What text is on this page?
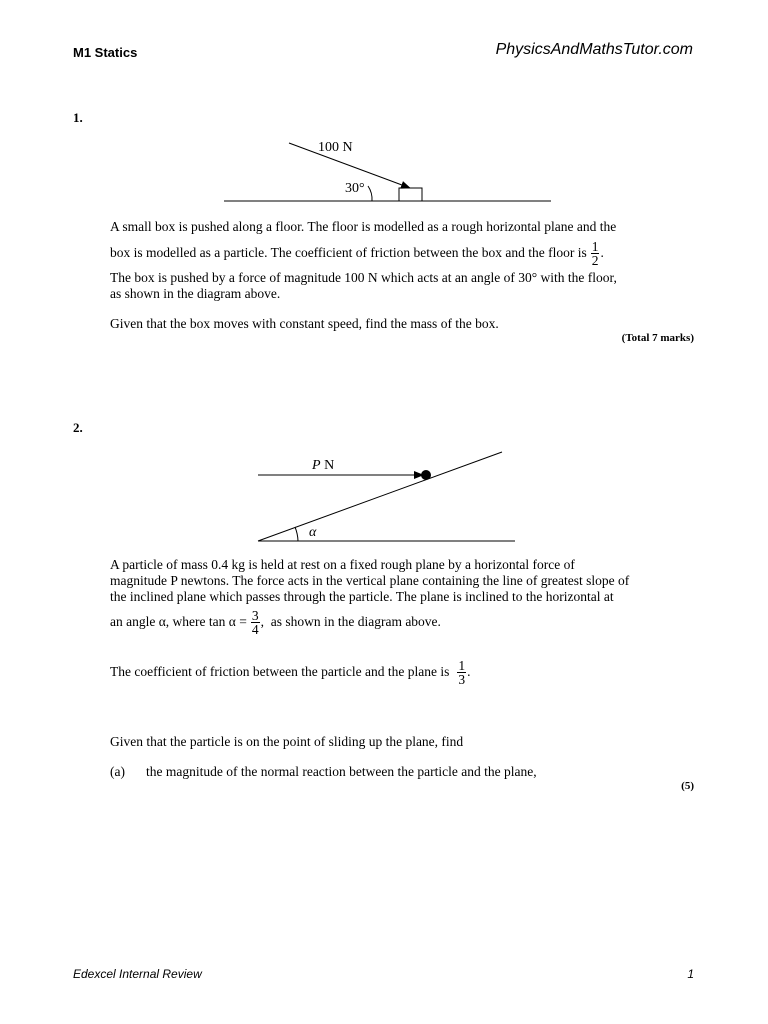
M1 Statics	PhysicsAndMathsTutor.com
1.
100 N
30°
A small box is pushed along a floor. The floor is modelled as a rough horizontal plane and the
box is modelled as a particle. The coefficient of friction between the box and the floor is $\frac{1}{2}$ .
The box is pushed by a force of magnitude 100 N which acts at an angle of 30° with the floor,
as shown in the diagram above.
Given that the box moves with constant speed, find the mass of the box.
(Total 7 marks)
2.
P N
α
A particle of mass 0.4 kg is held at rest on a fixed rough plane by a horizontal force of
magnitude P newtons. The force acts in the vertical plane containing the line of greatest slope of
the inclined plane which passes through the particle. The plane is inclined to the horizontal at
an angle α, where $\tan \alpha = \frac{3}{4}$ ,  as shown in the diagram above.
The coefficient of friction between the particle and the plane is $\frac{1}{3}$ .
Given that the particle is on the point of sliding up the plane, find
(a) the magnitude of the normal reaction between the particle and the plane,
(5)
Edexcel Internal Review	1
